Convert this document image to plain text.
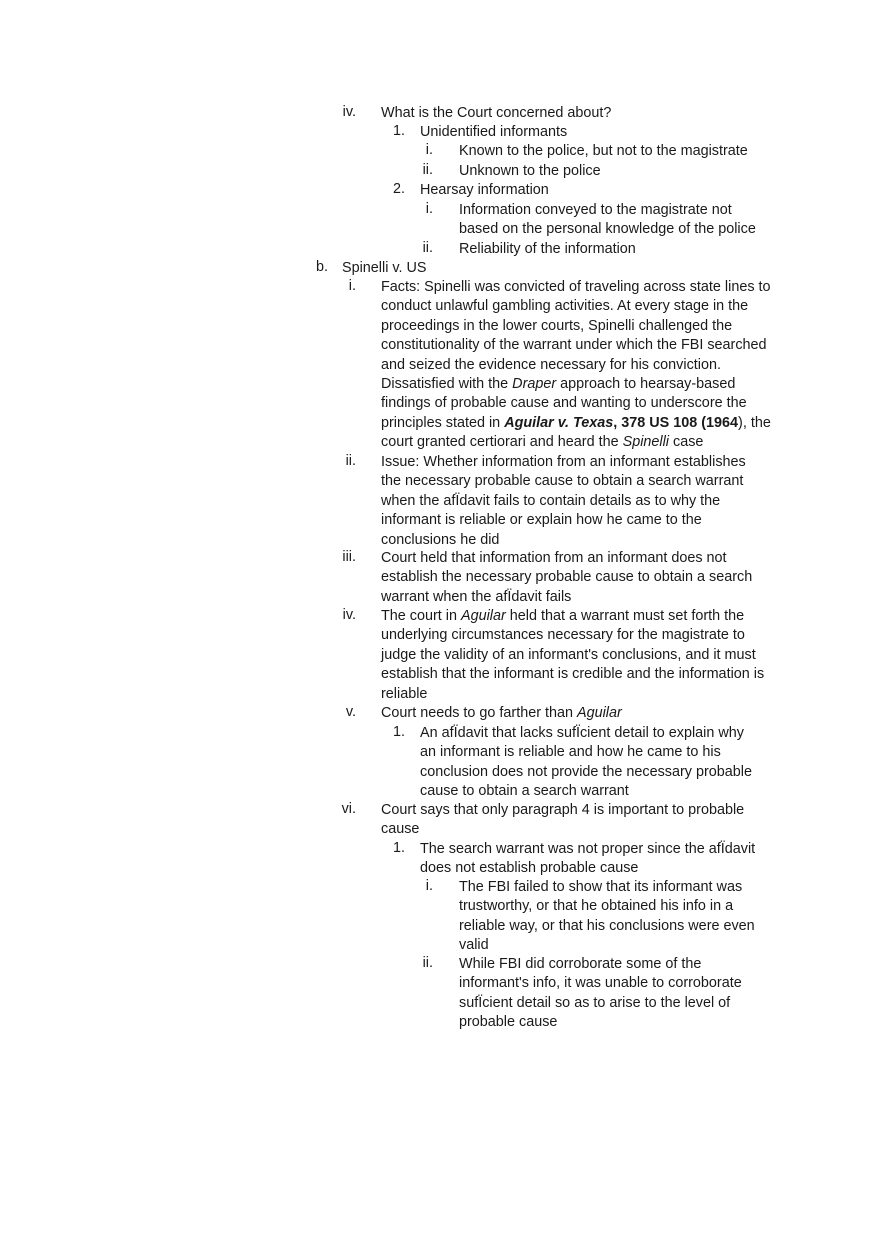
iv. What is the Court concerned about?
1. Unidentified informants
i. Known to the police, but not to the magistrate
ii. Unknown to the police
2. Hearsay information
i. Information conveyed to the magistrate not based on the personal knowledge of the police
ii. Reliability of the information
b. Spinelli v. US
i. Facts: Spinelli was convicted of traveling across state lines to conduct unlawful gambling activities. At every stage in the proceedings in the lower courts, Spinelli challenged the constitutionality of the warrant under which the FBI searched and seized the evidence necessary for his conviction. Dissatisfied with the Draper approach to hearsay-based findings of probable cause and wanting to underscore the principles stated in Aguilar v. Texas, 378 US 108 (1964), the court granted certiorari and heard the Spinelli case
ii. Issue: Whether information from an informant establishes the necessary probable cause to obtain a search warrant when the afÏdavit fails to contain details as to why the informant is reliable or explain how he came to the conclusions he did
iii. Court held that information from an informant does not establish the necessary probable cause to obtain a search warrant when the afÏdavit fails
iv. The court in Aguilar held that a warrant must set forth the underlying circumstances necessary for the magistrate to judge the validity of an informant's conclusions, and it must establish that the informant is credible and the information is reliable
v. Court needs to go farther than Aguilar
1. An afÏdavit that lacks sufÏcient detail to explain why an informant is reliable and how he came to his conclusion does not provide the necessary probable cause to obtain a search warrant
vi. Court says that only paragraph 4 is important to probable cause
1. The search warrant was not proper since the afÏdavit does not establish probable cause
i. The FBI failed to show that its informant was trustworthy, or that he obtained his info in a reliable way, or that his conclusions were even valid
ii. While FBI did corroborate some of the informant's info, it was unable to corroborate sufÏcient detail so as to arise to the level of probable cause
